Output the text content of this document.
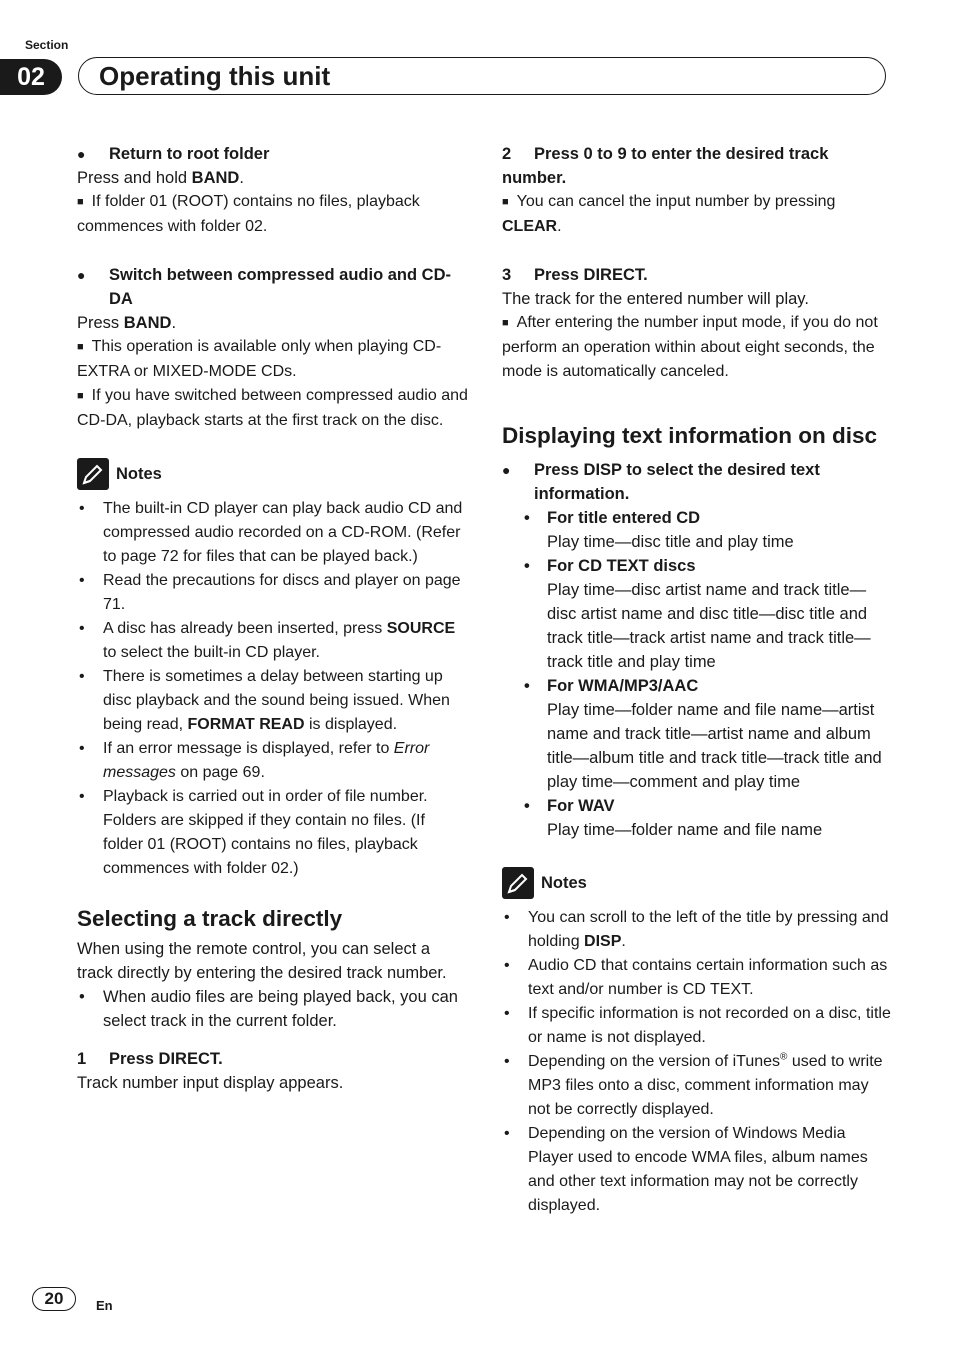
Section
02	Operating this unit

● Return to root folder

Press and hold BAND.

■ If folder 01 (ROOT) contains no files, playback commences with folder 02.

● Switch between compressed audio and CD-DA

Press BAND.

■ This operation is available only when playing CD-EXTRA or MIXED-MODE CDs.

■ If you have switched between compressed audio and CD-DA, playback starts at the first track on the disc.

Notes
• The built-in CD player can play back audio CD and compressed audio recorded on a CD-ROM. (Refer to page 72 for files that can be played back.)
• Read the precautions for discs and player on page 71.
• A disc has already been inserted, press SOURCE to select the built-in CD player.
• There is sometimes a delay between starting up disc playback and the sound being issued. When being read, FORMAT READ is displayed.
• If an error message is displayed, refer to Error messages on page 69.
• Playback is carried out in order of file number. Folders are skipped if they contain no files. (If folder 01 (ROOT) contains no files, playback commences with folder 02.)
Selecting a track directly

When using the remote control, you can select a track directly by entering the desired track number.

• When audio files are being played back, you can select track in the current folder.

1 Press DIRECT.

Track number input display appears.

2 Press 0 to 9 to enter the desired track number.

■ You can cancel the input number by pressing CLEAR.

3 Press DIRECT.

The track for the entered number will play.

■ After entering the number input mode, if you do not perform an operation within about eight seconds, the mode is automatically canceled.

Displaying text information on disc

● Press DISP to select the desired text information.

• For title entered CD

Play time—disc title and play time

• For CD TEXT discs

Play time—disc artist name and track title—disc artist name and disc title—disc title and track title—track artist name and track title—track title and play time

• For WMA/MP3/AAC

Play time—folder name and file name—artist name and track title—artist name and album title—album title and track title—track title and play time—comment and play time

• For WAV

Play time—folder name and file name

Notes
• You can scroll to the left of the title by pressing and holding DISP.
• Audio CD that contains certain information such as text and/or number is CD TEXT.
• If specific information is not recorded on a disc, title or name is not displayed.
• Depending on the version of iTunes® used to write MP3 files onto a disc, comment information may not be correctly displayed.
• Depending on the version of Windows Media Player used to encode WMA files, album names and other text information may not be correctly displayed.
20	En
